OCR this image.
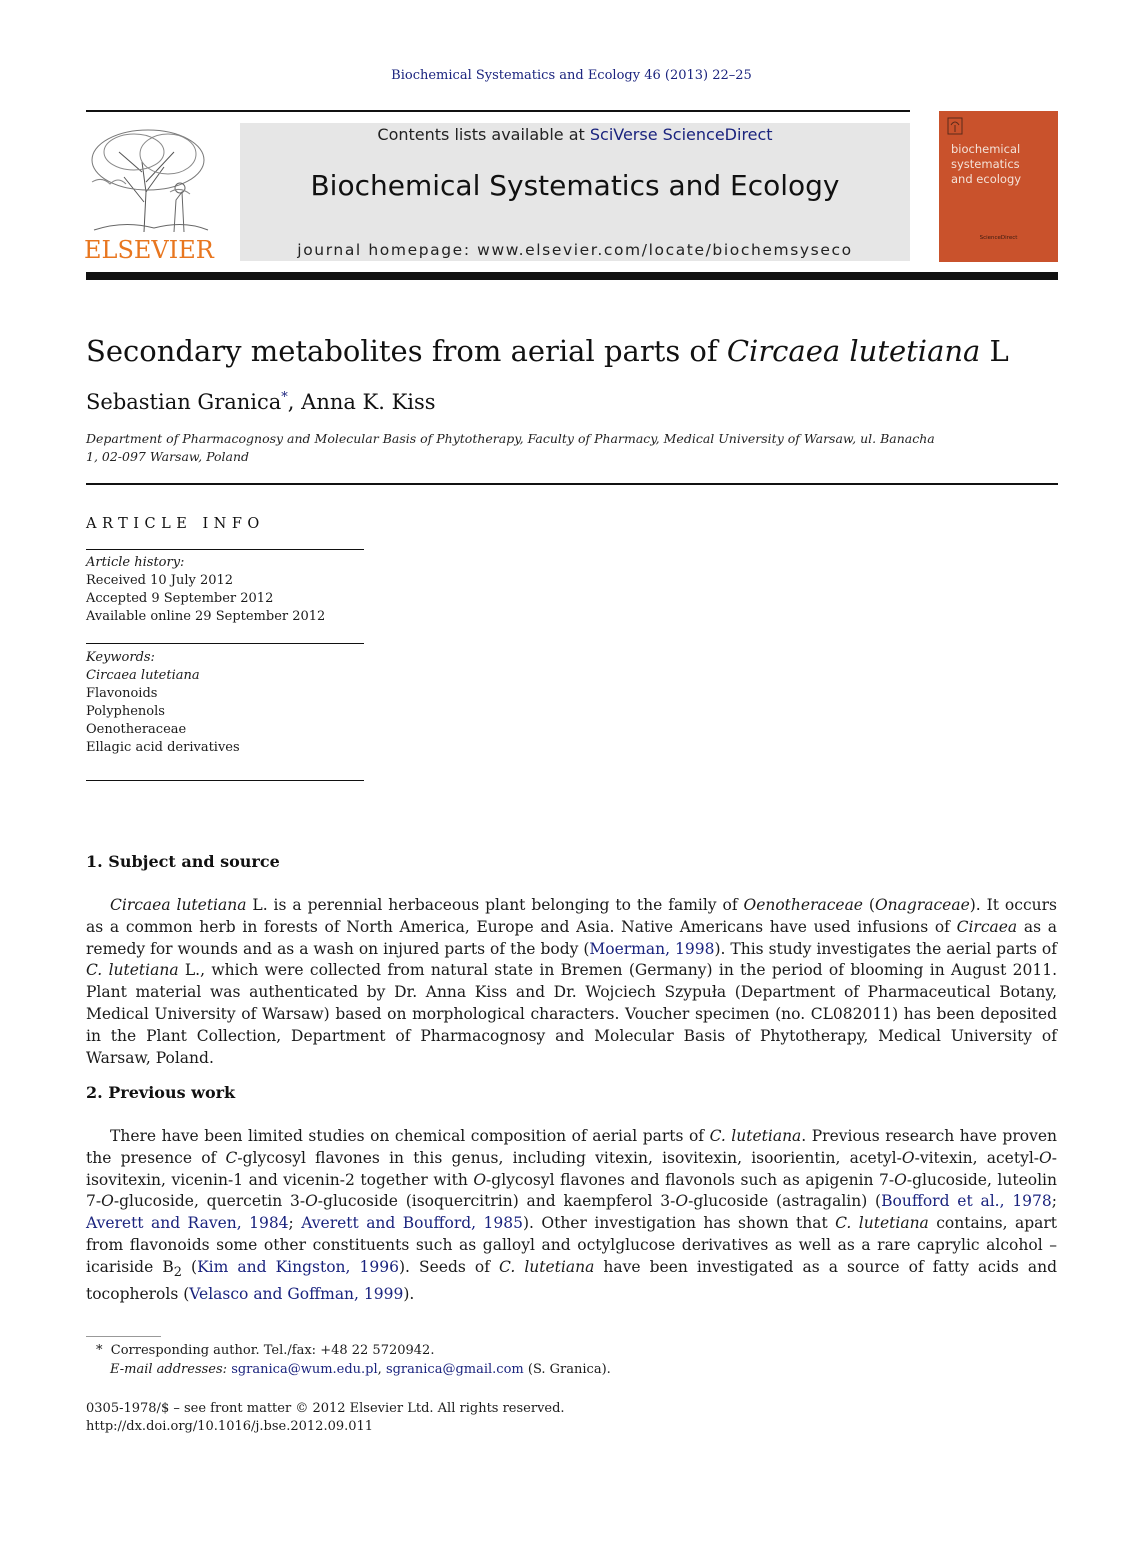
Biochemical Systematics and Ecology 46 (2013) 22–25
ELSEVIER
Contents lists available at SciVerse ScienceDirect
Biochemical Systematics and Ecology
journal homepage: www.elsevier.com/locate/biochemsyseco
biochemical
systematics
and ecology
ScienceDirect
Secondary metabolites from aerial parts of Circaea lutetiana L
Sebastian Granica*, Anna K. Kiss
Department of Pharmacognosy and Molecular Basis of Phytotherapy, Faculty of Pharmacy, Medical University of Warsaw, ul. Banacha 1, 02-097 Warsaw, Poland
ARTICLE INFO
Article history:
Received 10 July 2012
Accepted 9 September 2012
Available online 29 September 2012
Keywords:
Circaea lutetiana
Flavonoids
Polyphenols
Oenotheraceae
Ellagic acid derivatives
1. Subject and source
Circaea lutetiana L. is a perennial herbaceous plant belonging to the family of Oenotheraceae (Onagraceae). It occurs as a common herb in forests of North America, Europe and Asia. Native Americans have used infusions of Circaea as a remedy for wounds and as a wash on injured parts of the body (Moerman, 1998). This study investigates the aerial parts of C. lutetiana L., which were collected from natural state in Bremen (Germany) in the period of blooming in August 2011. Plant material was authenticated by Dr. Anna Kiss and Dr. Wojciech Szypuła (Department of Pharmaceutical Botany, Medical University of Warsaw) based on morphological characters. Voucher specimen (no. CL082011) has been deposited in the Plant Collection, Department of Pharmacognosy and Molecular Basis of Phytotherapy, Medical University of Warsaw, Poland.
2. Previous work
There have been limited studies on chemical composition of aerial parts of C. lutetiana. Previous research have proven the presence of C-glycosyl flavones in this genus, including vitexin, isovitexin, isoorientin, acetyl-O-vitexin, acetyl-O-isovitexin, vicenin-1 and vicenin-2 together with O-glycosyl flavones and flavonols such as apigenin 7-O-glucoside, luteolin 7-O-glucoside, quercetin 3-O-glucoside (isoquercitrin) and kaempferol 3-O-glucoside (astragalin) (Boufford et al., 1978; Averett and Raven, 1984; Averett and Boufford, 1985). Other investigation has shown that C. lutetiana contains, apart from flavonoids some other constituents such as galloyl and octylglucose derivatives as well as a rare caprylic alcohol – icariside $B_2$ (Kim and Kingston, 1996). Seeds of C. lutetiana have been investigated as a source of fatty acids and tocopherols (Velasco and Goffman, 1999).
*  Corresponding author. Tel./fax: +48 22 5720942.
E-mail addresses: sgranica@wum.edu.pl, sgranica@gmail.com (S. Granica).
0305-1978/$ – see front matter © 2012 Elsevier Ltd. All rights reserved.
http://dx.doi.org/10.1016/j.bse.2012.09.011
